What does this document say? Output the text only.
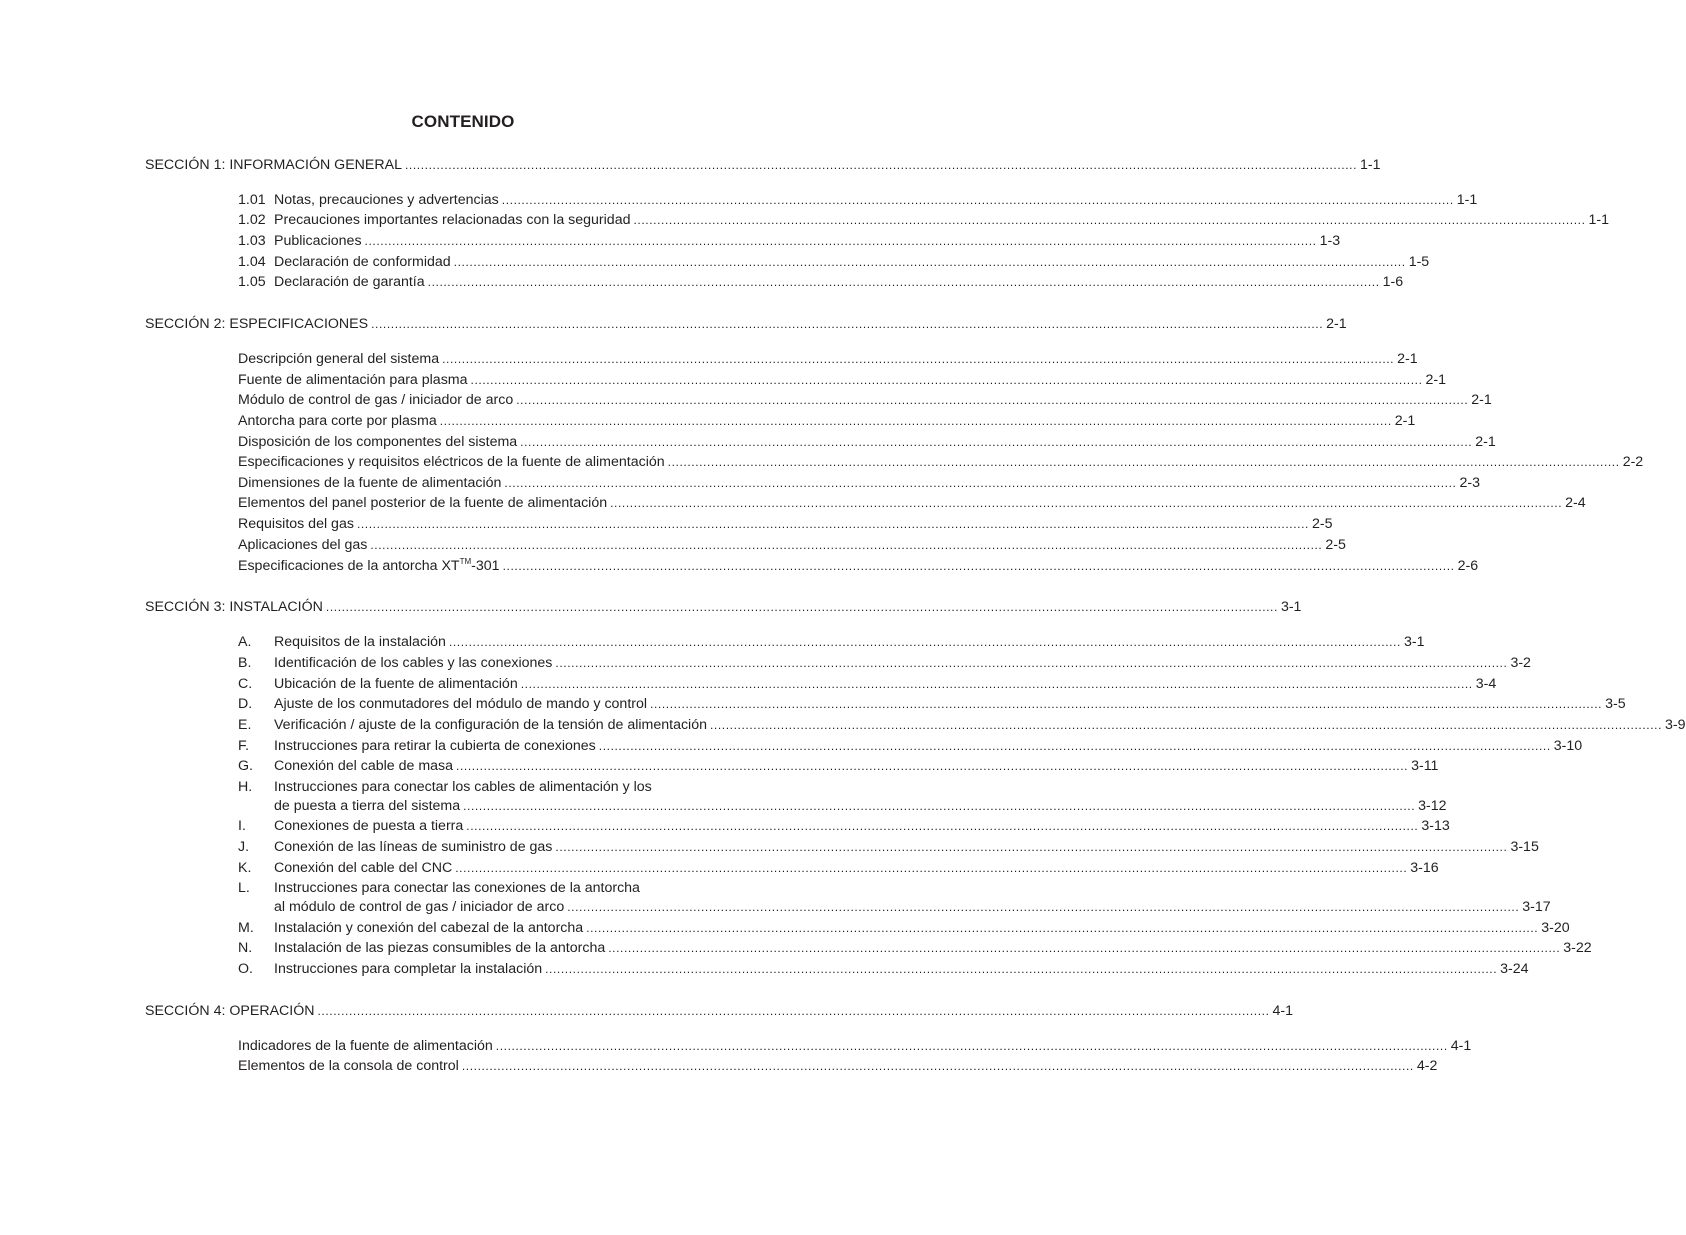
CONTENIDO
SECCIÓN 1: INFORMACIÓN GENERAL .................................................................................................................................................................................................................................................. 1-1
1.01 Notas, precauciones y advertencias .................................................................................................................................................................................................................................................. 1-1
1.02 Precauciones importantes relacionadas con la seguridad .................................................................................................................................................................................................................................................. 1-1
1.03 Publicaciones .................................................................................................................................................................................................................................................. 1-3
1.04 Declaración de conformidad .................................................................................................................................................................................................................................................. 1-5
1.05 Declaración de garantía .................................................................................................................................................................................................................................................. 1-6
SECCIÓN 2: ESPECIFICACIONES .................................................................................................................................................................................................................................................. 2-1
Descripción general del sistema .................................................................................................................................................................................................................................................. 2-1
Fuente de alimentación para plasma .................................................................................................................................................................................................................................................. 2-1
Módulo de control de gas / iniciador de arco .................................................................................................................................................................................................................................................. 2-1
Antorcha para corte por plasma .................................................................................................................................................................................................................................................. 2-1
Disposición de los componentes del sistema .................................................................................................................................................................................................................................................. 2-1
Especificaciones y requisitos eléctricos de la fuente de alimentación .................................................................................................................................................................................................................................................. 2-2
Dimensiones de la fuente de alimentación .................................................................................................................................................................................................................................................. 2-3
Elementos del panel posterior de la fuente de alimentación .................................................................................................................................................................................................................................................. 2-4
Requisitos del gas .................................................................................................................................................................................................................................................. 2-5
Aplicaciones del gas .................................................................................................................................................................................................................................................. 2-5
Especificaciones de la antorcha XT™-301 .................................................................................................................................................................................................................................................. 2-6
SECCIÓN 3: INSTALACIÓN .................................................................................................................................................................................................................................................. 3-1
A.	Requisitos de la instalación .................................................................................................................................................................................................................................................. 3-1
B.	Identificación de los cables y las conexiones .................................................................................................................................................................................................................................................. 3-2
C.	Ubicación de la fuente de alimentación .................................................................................................................................................................................................................................................. 3-4
D.	Ajuste de los conmutadores del módulo de mando y control .................................................................................................................................................................................................................................................. 3-5
E.	Verificación / ajuste de la configuración de la tensión de alimentación .................................................................................................................................................................................................................................................. 3-9
F.	Instrucciones para retirar la cubierta de conexiones .................................................................................................................................................................................................................................................. 3-10
G.	Conexión del cable de masa .................................................................................................................................................................................................................................................. 3-11
H.	Instrucciones para conectar los cables de alimentación y los
de puesta a tierra del sistema .................................................................................................................................................................................................................................................. 3-12
I.	Conexiones de puesta a tierra .................................................................................................................................................................................................................................................. 3-13
J.	Conexión de las líneas de suministro de gas .................................................................................................................................................................................................................................................. 3-15
K.	Conexión del cable del CNC .................................................................................................................................................................................................................................................. 3-16
L.	Instrucciones para conectar las conexiones de la antorcha
al módulo de control de gas / iniciador de arco .................................................................................................................................................................................................................................................. 3-17
M.	Instalación y conexión del cabezal de la antorcha .................................................................................................................................................................................................................................................. 3-20
N.	Instalación de las piezas consumibles de la antorcha .................................................................................................................................................................................................................................................. 3-22
O.	Instrucciones para completar la instalación .................................................................................................................................................................................................................................................. 3-24
SECCIÓN 4: OPERACIÓN .................................................................................................................................................................................................................................................. 4-1
Indicadores de la fuente de alimentación .................................................................................................................................................................................................................................................. 4-1
Elementos de la consola de control .................................................................................................................................................................................................................................................. 4-2
